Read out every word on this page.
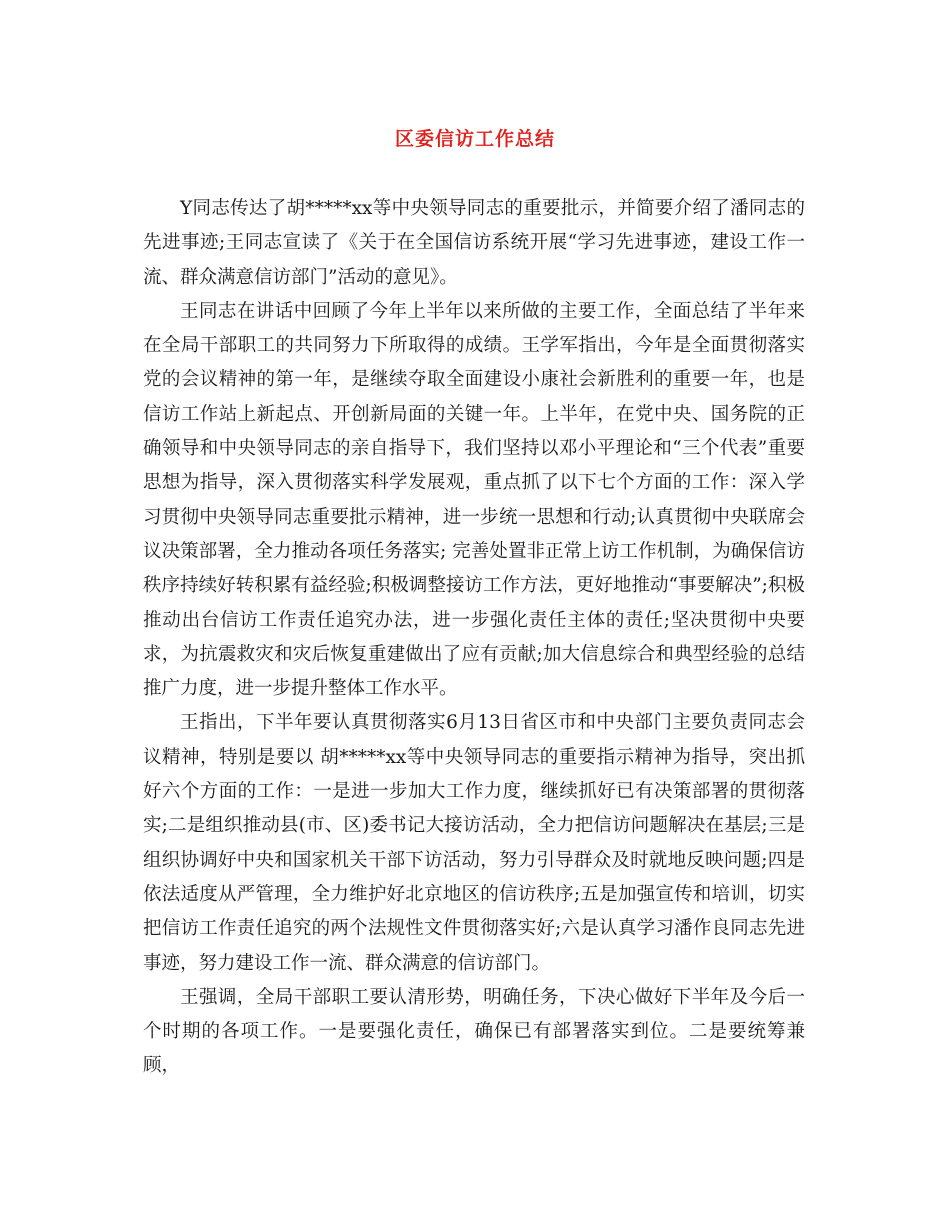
区委信访工作总结

Y同志传达了胡*****xx等中央领导同志的重要批示，并简要介绍了潘同志的先进事迹;王同志宣读了《关于在全国信访系统开展“学习先进事迹，建设工作一流、群众满意信访部门”活动的意见》。

王同志在讲话中回顾了今年上半年以来所做的主要工作，全面总结了半年来在全局干部职工的共同努力下所取得的成绩。王学军指出，今年是全面贯彻落实党的会议精神的第一年，是继续夺取全面建设小康社会新胜利的重要一年，也是信访工作站上新起点、开创新局面的关键一年。上半年，在党中央、国务院的正确领导和中央领导同志的亲自指导下，我们坚持以邓小平理论和“三个代表”重要思想为指导，深入贯彻落实科学发展观，重点抓了以下七个方面的工作：深入学习贯彻中央领导同志重要批示精神，进一步统一思想和行动;认真贯彻中央联席会议决策部署，全力推动各项任务落实; 完善处置非正常上访工作机制，为确保信访秩序持续好转积累有益经验;积极调整接访工作方法，更好地推动“事要解决”;积极推动出台信访工作责任追究办法，进一步强化责任主体的责任;坚决贯彻中央要求，为抗震救灾和灾后恢复重建做出了应有贡献;加大信息综合和典型经验的总结推广力度，进一步提升整体工作水平。

王指出，下半年要认真贯彻落实6月13日省区市和中央部门主要负责同志会议精神，特别是要以 胡*****xx等中央领导同志的重要指示精神为指导，突出抓好六个方面的工作：一是进一步加大工作力度，继续抓好已有决策部署的贯彻落实;二是组织推动县(市、区)委书记大接访活动，全力把信访问题解决在基层;三是组织协调好中央和国家机关干部下访活动，努力引导群众及时就地反映问题;四是依法适度从严管理，全力维护好北京地区的信访秩序;五是加强宣传和培训，切实把信访工作责任追究的两个法规性文件贯彻落实好;六是认真学习潘作良同志先进事迹，努力建设工作一流、群众满意的信访部门。

王强调，全局干部职工要认清形势，明确任务，下决心做好下半年及今后一个时期的各项工作。一是要强化责任，确保已有部署落实到位。二是要统筹兼顾，
